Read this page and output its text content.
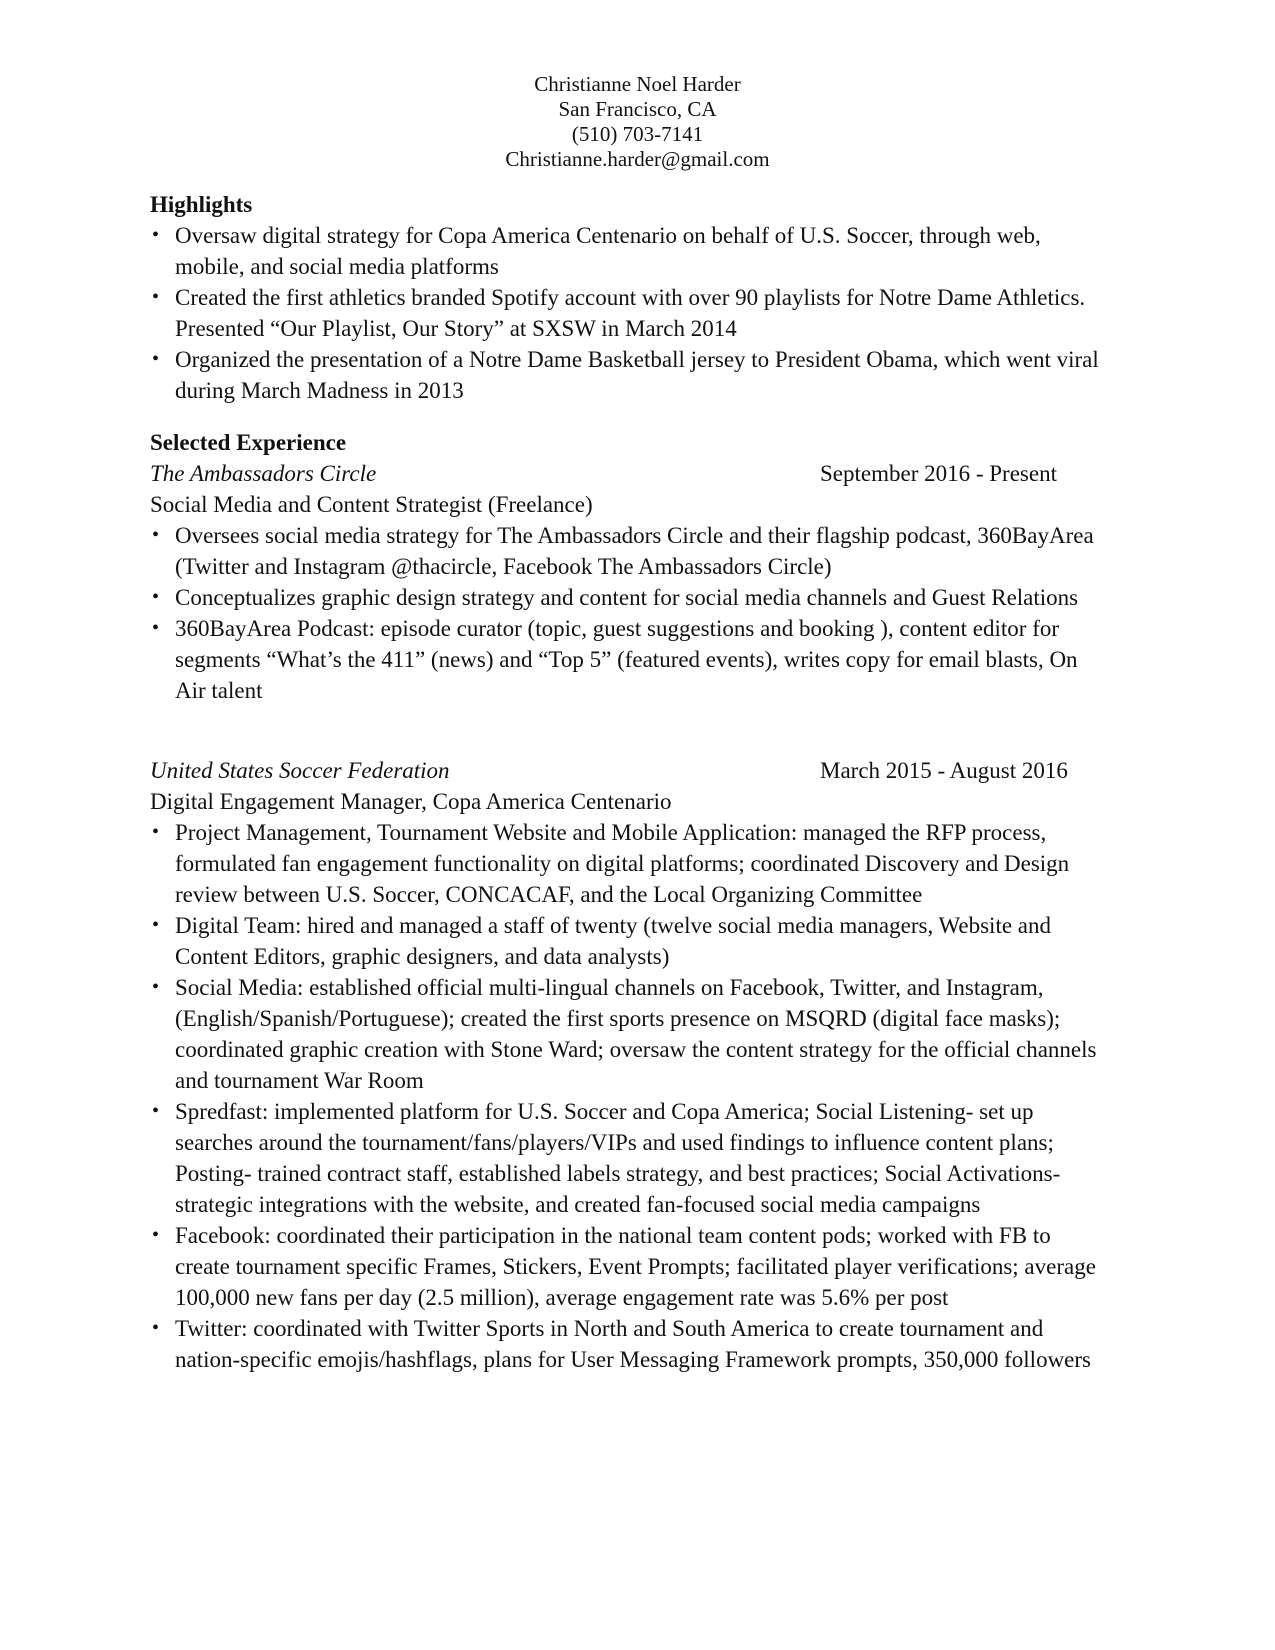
Christianne Noel Harder
San Francisco, CA
(510) 703-7141
Christianne.harder@gmail.com
Highlights
• Oversaw digital strategy for Copa America Centenario on behalf of U.S. Soccer, through web, mobile, and social media platforms
• Created the first athletics branded Spotify account with over 90 playlists for Notre Dame Athletics. Presented “Our Playlist, Our Story” at SXSW in March 2014
• Organized the presentation of a Notre Dame Basketball jersey to President Obama, which went viral during March Madness in 2013
Selected Experience
The Ambassadors Circle	September 2016 - Present
Social Media and Content Strategist (Freelance)
• Oversees social media strategy for The Ambassadors Circle and their flagship podcast, 360BayArea (Twitter and Instagram @thacircle, Facebook The Ambassadors Circle)
• Conceptualizes graphic design strategy and content for social media channels and Guest Relations
• 360BayArea Podcast: episode curator (topic, guest suggestions and booking ), content editor for segments “What’s the 411” (news) and “Top 5” (featured events), writes copy for email blasts, On Air talent
United States Soccer Federation	March 2015 - August 2016
Digital Engagement Manager, Copa America Centenario
• Project Management, Tournament Website and Mobile Application: managed the RFP process, formulated fan engagement functionality on digital platforms; coordinated Discovery and Design review between U.S. Soccer, CONCACAF, and the Local Organizing Committee
• Digital Team: hired and managed a staff of twenty (twelve social media managers, Website and Content Editors, graphic designers, and data analysts)
• Social Media: established official multi-lingual channels on Facebook, Twitter, and Instagram, (English/Spanish/Portuguese); created the first sports presence on MSQRD (digital face masks); coordinated graphic creation with Stone Ward; oversaw the content strategy for the official channels and tournament War Room
• Spredfast: implemented platform for U.S. Soccer and Copa America; Social Listening- set up searches around the tournament/fans/players/VIPs and used findings to influence content plans; Posting- trained contract staff, established labels strategy, and best practices; Social Activations- strategic integrations with the website, and created fan-focused social media campaigns
• Facebook: coordinated their participation in the national team content pods; worked with FB to create tournament specific Frames, Stickers, Event Prompts; facilitated player verifications; average 100,000 new fans per day (2.5 million), average engagement rate was 5.6% per post
• Twitter: coordinated with Twitter Sports in North and South America to create tournament and nation-specific emojis/hashflags, plans for User Messaging Framework prompts, 350,000 followers
